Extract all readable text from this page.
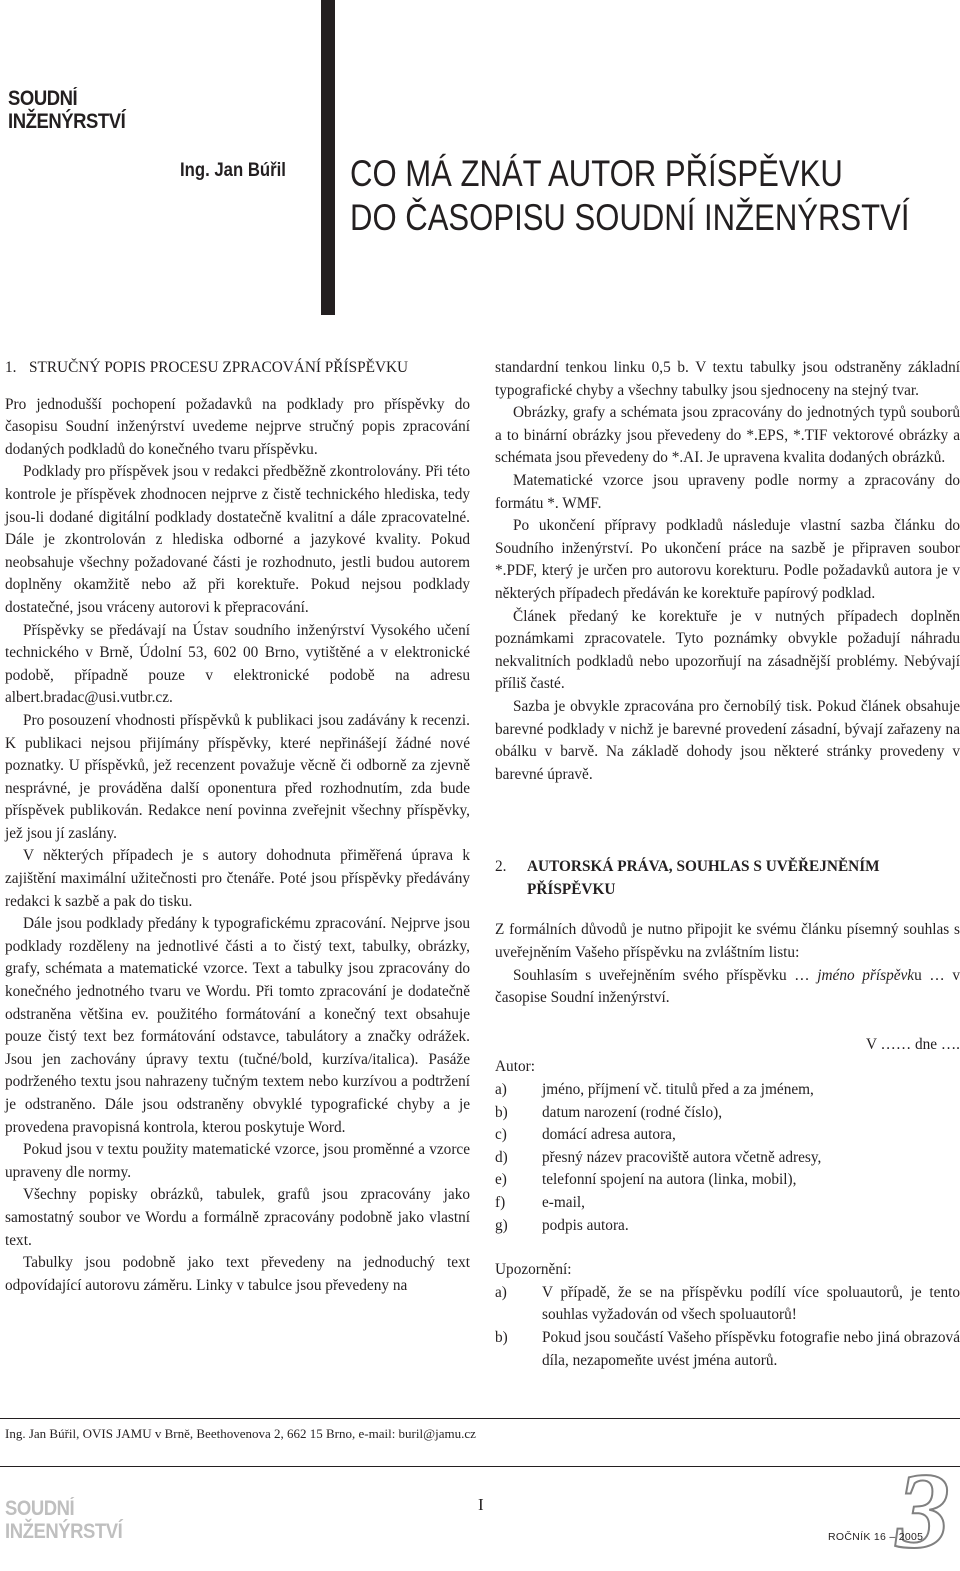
SOUDNÍ
INŽENÝRSTVÍ
Ing. Jan Búřil CO MÁ ZNÁT AUTOR PŘÍSPĚVKU
DO ČASOPISU SOUDNÍ INŽENÝRSTVÍ
1. STRUČNÝ POPIS PROCESU ZPRACOVÁNÍ PŘÍSPĚVKU

Pro jednodušší pochopení požadavků na podklady pro příspěvky do časopisu Soudní inženýrství uvedeme nejprve stručný popis zpracování dodaných podkladů do konečného tvaru příspěvku.

Podklady pro příspěvek jsou v redakci předběžně zkontrolovány. Při této kontrole je příspěvek zhodnocen nejprve z čistě technického hlediska, tedy jsou-li dodané digitální podklady dostatečně kvalitní a dále zpracovatelné. Dále je zkontrolován z hlediska odborné a jazykové kvality. Pokud neobsahuje všechny požadované části je rozhodnuto, jestli budou autorem doplněny okamžitě nebo až při korektuře. Pokud nejsou podklady dostatečné, jsou vráceny autorovi k přepracování.

Příspěvky se předávají na Ústav soudního inženýrství Vysokého učení technického v Brně, Údolní 53, 602 00 Brno, vytištěné a v elektronické podobě, případně pouze v elektronické podobě na adresu albert.bradac@usi.vutbr.cz.

Pro posouzení vhodnosti příspěvků k publikaci jsou zadávány k recenzi. K publikaci nejsou přijímány příspěvky, které nepřinášejí žádné nové poznatky. U příspěvků, jež recenzent považuje věcně či odborně za zjevně nesprávné, je prováděna další oponentura před rozhodnutím, zda bude příspěvek publikován. Redakce není povinna zveřejnit všechny příspěvky, jež jsou jí zaslány.

V některých případech je s autory dohodnuta přiměřená úprava k zajištění maximální užitečnosti pro čtenáře. Poté jsou příspěvky předávány redakci k sazbě a pak do tisku.

Dále jsou podklady předány k typografickému zpracování. Nejprve jsou podklady rozděleny na jednotlivé části a to čistý text, tabulky, obrázky, grafy, schémata a matematické vzorce. Text a tabulky jsou zpracovány do konečného jednotného tvaru ve Wordu. Při tomto zpracování je dodatečně odstraněna většina ev. použitého formátování a konečný text obsahuje pouze čistý text bez formátování odstavce, tabulátory a značky odrážek. Jsou jen zachovány úpravy textu (tučné/bold, kurzíva/italica). Pasáže podrženého textu jsou nahrazeny tučným textem nebo kurzívou a podtržení je odstraněno. Dále jsou odstraněny obvyklé typografické chyby a je provedena pravopisná kontrola, kterou poskytuje Word.

Pokud jsou v textu použity matematické vzorce, jsou proměnné a vzorce upraveny dle normy.

Všechny popisky obrázků, tabulek, grafů jsou zpracovány jako samostatný soubor ve Wordu a formálně zpracovány podobně jako vlastní text.

Tabulky jsou podobně jako text převedeny na jednoduchý text odpovídající autorovu záměru. Linky v tabulce jsou převedeny na

standardní tenkou linku 0,5 b. V textu tabulky jsou odstraněny základní typografické chyby a všechny tabulky jsou sjednoceny na stejný tvar.

Obrázky, grafy a schémata jsou zpracovány do jednotných typů souborů a to binární obrázky jsou převedeny do *.EPS, *.TIF vektorové obrázky a schémata jsou převedeny do *.AI. Je upravena kvalita dodaných obrázků.

Matematické vzorce jsou upraveny podle normy a zpracovány do formátu *. WMF.

Po ukončení přípravy podkladů následuje vlastní sazba článku do Soudního inženýrství. Po ukončení práce na sazbě je připraven soubor *.PDF, který je určen pro autorovu korekturu. Podle požadavků autora je v některých případech předáván ke korektuře papírový podklad.

Článek předaný ke korektuře je v nutných případech doplněn poznámkami zpracovatele. Tyto poznámky obvykle požadují náhradu nekvalitních podkladů nebo upozorňují na zásadnější problémy. Nebývají příliš časté.

Sazba je obvykle zpracována pro černobílý tisk. Pokud článek obsahuje barevné podklady v nichž je barevné provedení zásadní, bývají zařazeny na obálku v barvě. Na základě dohody jsou některé stránky provedeny v barevné úpravě.

2. AUTORSKÁ PRÁVA, SOUHLAS S UVĚŘEJNĚNÍM PŘÍSPĚVKU

Z formálních důvodů je nutno připojit ke svému článku písemný souhlas s uveřejněním Vašeho příspěvku na zvláštním listu:

Souhlasím s uveřejněním svého příspěvku … jméno příspěvku … v časopise Soudní inženýrství.

V …… dne ….

Autor:

a)	jméno, příjmení vč. titulů před a za jménem,
b)	datum narození (rodné číslo),
c)	domácí adresa autora,
d)	přesný název pracoviště autora včetně adresy,
e)	telefonní spojení na autora (linka, mobil),
f)	e-mail,
g)	podpis autora.

Upozornění:

a)	V případě, že se na příspěvku podílí více spoluautorů, je tento souhlas vyžadován od všech spoluautorů!
b)	Pokud jsou součástí Vašeho příspěvku fotografie nebo jiná obrazová díla, nezapomeňte uvést jména autorů.
Ing. Jan Búřil, OVIS JAMU v Brně, Beethovenova 2, 662 15 Brno, e-mail: buril@jamu.cz
SOUDNÍ
INŽENÝRSTVÍ
I	3
ROČNÍK 16 – 2005
